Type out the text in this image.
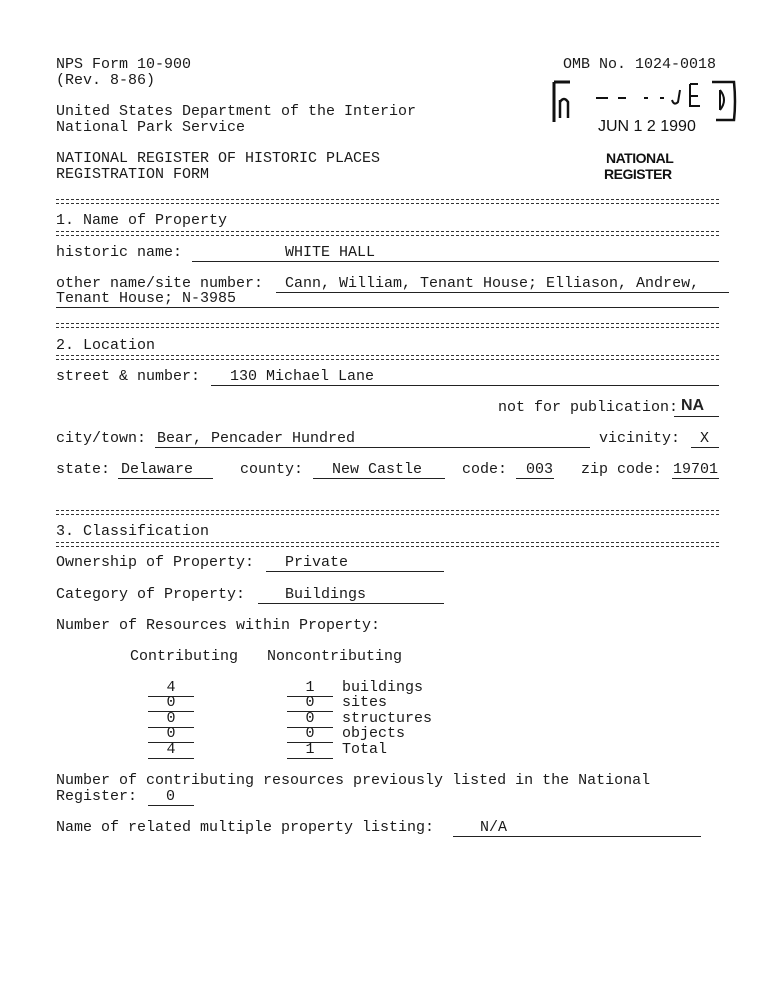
NPS Form 10-900
(Rev. 8-86)
OMB No. 1024-0018
United States Department of the Interior
National Park Service
NATIONAL REGISTER OF HISTORIC PLACES
REGISTRATION FORM
JUN 1 2 1990
NATIONAL
REGISTER
1. Name of Property
historic name:	WHITE HALL
other name/site number: Cann, William, Tenant House; Elliason, Andrew,
Tenant House; N-3985
2. Location
street & number: 130 Michael Lane
not for publication: NA
city/town: Bear, Pencader Hundred	vicinity: X
state: Delaware	county: New Castle	code: 003 zip code: 19701
3. Classification
Ownership of Property: Private
Category of Property:	Buildings
Number of Resources within Property:
Contributing Noncontributing
4	1	buildings
0	0	sites
0	0	structures
0	0	objects
4	1	Total
Number of contributing resources previously listed in the National
Register: 0
Name of related multiple property listing:	N/A
